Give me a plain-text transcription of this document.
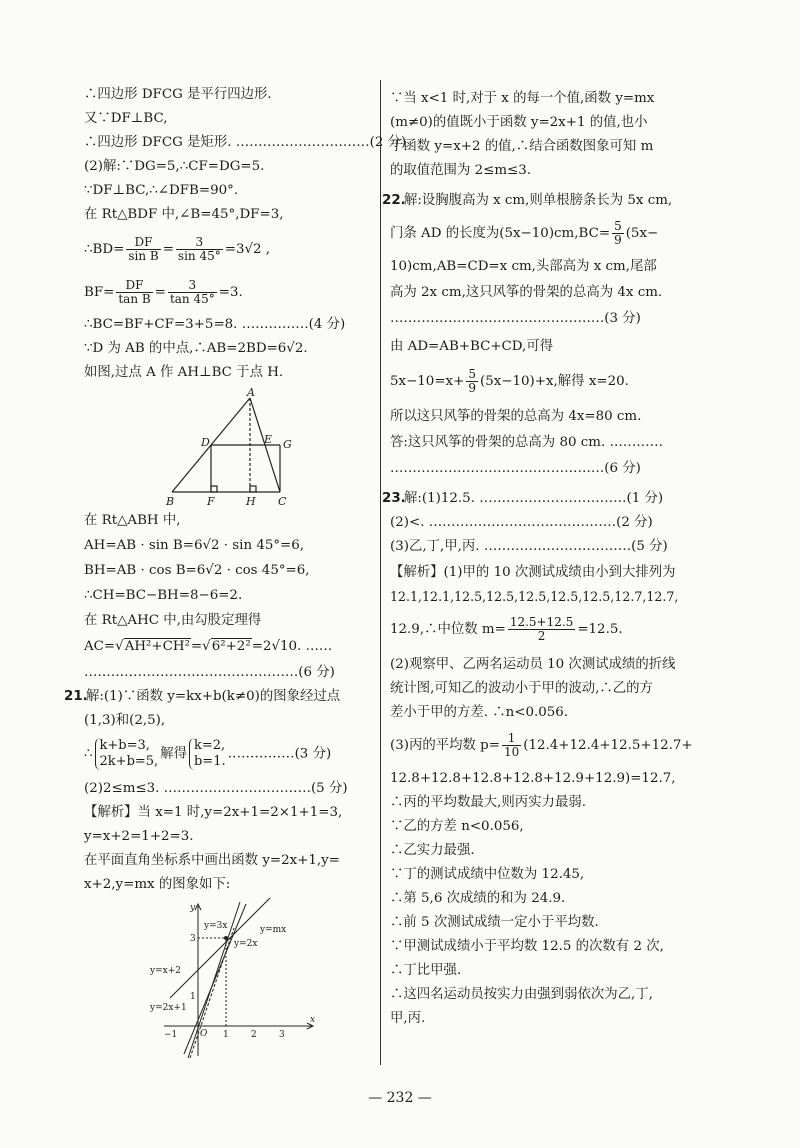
∴四边形 DFCG 是平行四边形.
又∵DF⊥BC,
∴四边形 DFCG 是矩形. …………………………(2 分)
(2)解:∵DG=5,∴CF=DG=5.
∵DF⊥BC,∴∠DFB=90°.
在 Rt△BDF 中,∠B=45°,DF=3,
∴BD= $\frac{DF}{\text{sin B}} = \frac{3}{\sin 45^\circ} =3√2$ ,
$BF= \frac{DF}{\text{tan B}} = \frac{3}{\tan 45^\circ} =3$.
∴BC=BF+CF=3+5=8. ……………(4 分)
∵D 为 AB 的中点,∴AB=2BD=6√2.
如图,过点 A 作 AH⊥BC 于点 H.
在 Rt△ABH 中,
AH=AB · sin B=6√2 · sin 45°=6,
BH=AB · cos B=6√2 · cos 45°=6,
∴CH=BC−BH=8−6=2.
在 Rt△AHC 中,由勾股定理得
AC=√AH²+CH²=√6²+2²=2√10. ……
…………………………………………(6 分)
21.
解:(1)∵函数 y=kx+b(k≠0)的图象经过点
(1,3)和(2,5),
∴
k+b=3,
2k+b=5, 解得
k=2,
b=1. ……………(3 分)
(2)2≤m≤3. ……………………………(5 分)
【解析】当 x=1 时,y=2x+1=2×1+1=3,
y=x+2=1+2=3.
在平面直角坐标系中画出函数 y=2x+1,y=
x+2,y=mx 的图象如下:
A
D	E G
B	F	H C
y
x
O 1 2 3
−1
3
1
y=3x	y=mx
y=2x
y=x+2
y=2x+1
∵当 x<1 时,对于 x 的每一个值,函数 y=mx
(m≠0)的值既小于函数 y=2x+1 的值,也小
于函数 y=x+2 的值,∴结合函数图象可知 m
的取值范围为 2≤m≤3.
22.
解:设胸腹高为 x cm,则单根膀条长为 5x cm,
门条 AD 的长度为$(5x-10)cm,BC= \frac{5}{9} (5x-$
10)cm,AB=CD=x cm,头部高为 x cm,尾部
高为 2x cm,这只风筝的骨架的总高为 4x cm.
…………………………………………(3 分)
由 AD=AB+BC+CD,可得
$5x-10=x+ \frac{5}{9} (5x-10)+x$,解得 x=20.
所以这只风筝的骨架的总高为 4x=80 cm.
答:这只风筝的骨架的总高为 80 cm. …………
…………………………………………(6 分)
23.
解:(1)12.5. ……………………………(1 分)
(2)<. ……………………………………(2 分)
(3)乙,丁,甲,丙. ……………………………(5 分)
【解析】(1)甲的 10 次测试成绩由小到大排列为
12.1,12.1,12.5,12.5,12.5,12.5,12.5,12.7,12.7,
12.9,∴中位数 $m= \frac{12.5+12.5}{2} =12.5$.
(2)观察甲、乙两名运动员 10 次测试成绩的折线
统计图,可知乙的波动小于甲的波动,∴乙的方
差小于甲的方差. ∴n<0.056.
(3)丙的平均数 $p= \frac{1}{10} (12.4+12.4+12.5+12.7+$
12.8+12.8+12.8+12.8+12.9+12.9)=12.7,
∴丙的平均数最大,则丙实力最弱.
∵乙的方差 n<0.056,
∴乙实力最强.
∵丁的测试成绩中位数为 12.45,
∴第 5,6 次成绩的和为 24.9.
∴前 5 次测试成绩一定小于平均数.
∵甲测试成绩小于平均数 12.5 的次数有 2 次,
∴丁比甲强.
∴这四名运动员按实力由强到弱依次为乙,丁,
甲,丙.
— 232 —
